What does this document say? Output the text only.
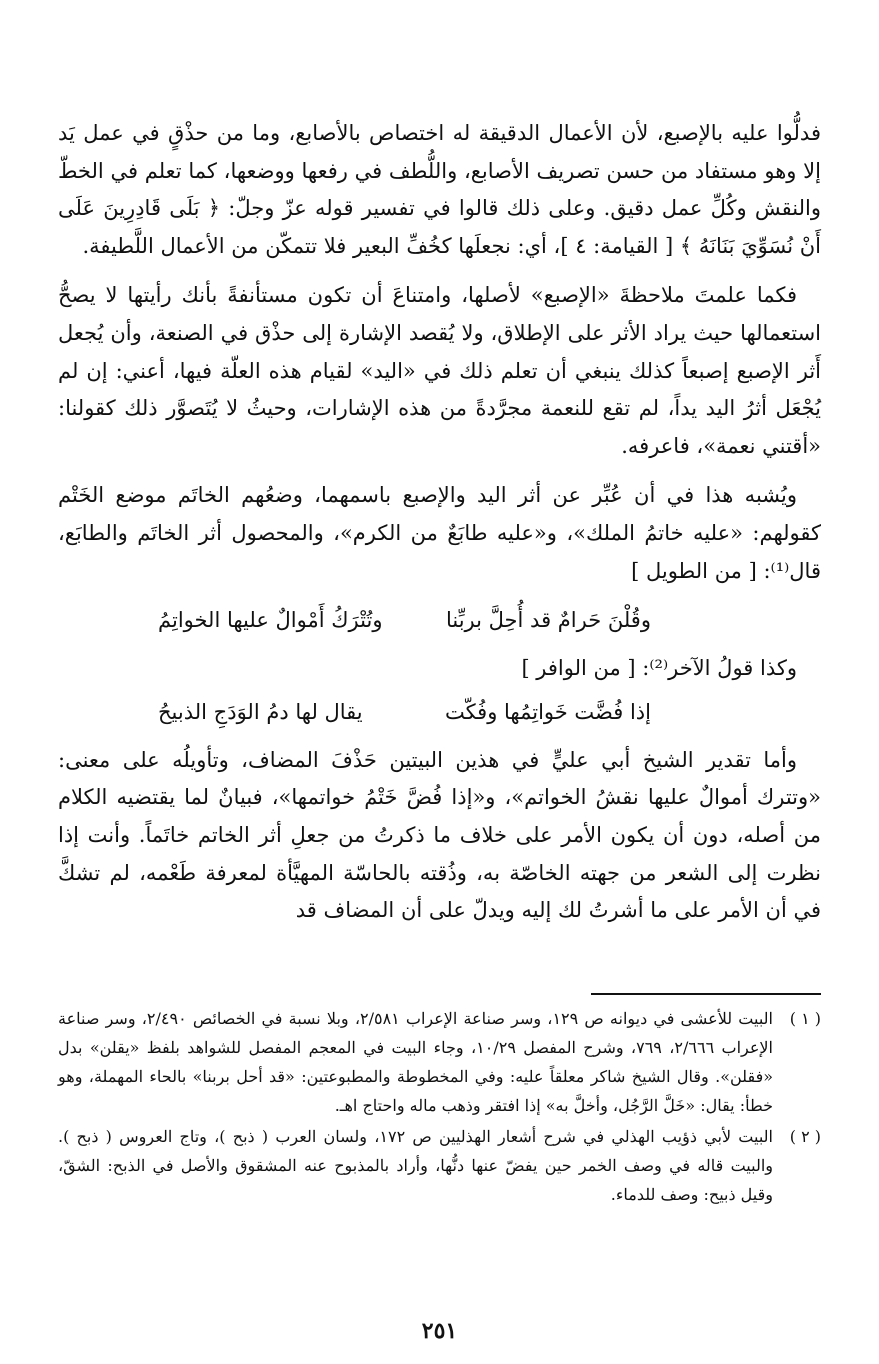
فدلُّوا عليه بالإصبع، لأن الأعمال الدقيقة له اختصاص بالأصابع، وما من حذْقٍ في عمل يَد إلا وهو مستفاد من حسن تصريف الأصابع، واللُّطف في رفعها ووضعها، كما تعلم في الخطّ والنقش وكُلِّ عمل دقيق. وعلى ذلك قالوا في تفسير قوله عزّ وجلّ: ﴿ بَلَى قَادِرِينَ عَلَى أَنْ نُسَوِّيَ بَنَانَهُ ﴾ [ القيامة: ٤ ]، أي: نجعلَها كخُفِّ البعير فلا تتمكّن من الأعمال اللَّطيفة.

فكما علمتَ ملاحظةَ «الإصبع» لأصلها، وامتناعَ أن تكون مستأنفةً بأنك رأيتها لا يصحُّ استعمالها حيث يراد الأثر على الإطلاق، ولا يُقصد الإشارة إلى حذْق في الصنعة، وأن يُجعل أَثر الإصبع إصبعاً كذلك ينبغي أن تعلم ذلك في «اليد» لقيام هذه العلّة فيها، أعني: إن لم يُجْعَل أثرُ اليد يداً، لم تقع للنعمة مجرَّدةً من هذه الإشارات، وحيثُ لا يُتَصوَّر ذلك كقولنا: «أقتني نعمة»، فاعرفه.

ويُشبه هذا في أن عُبِّر عن أثر اليد والإصبع باسمهما، وضعُهم الخاتَم موضع الخَتْم كقولهم: «عليه خاتمُ الملك»، و«عليه طابَعٌ من الكرم»، والمحصول أثر الخاتَم والطابَع، قال⁽¹⁾: [ من الطويل ]

وقُلْنَ حَرامٌ قد أُحِلَّ بربِّنا
وتُتْرَكُ أَمْوالٌ عليها الخواتِمُ

وكذا قولُ الآخر⁽²⁾: [ من الوافر ]

إذا فُضَّت خَواتِمُها وفُكّت
يقال لها دمُ الوَدَجِ الذبيحُ

وأما تقدير الشيخ أبي عليٍّ في هذين البيتين حَذْفَ المضاف، وتأويلُه على معنى: «وتترك أموالٌ عليها نقشُ الخواتم»، و«إذا فُضَّ خَتْمُ خواتمها»، فبيانٌ لما يقتضيه الكلام من أصله، دون أن يكون الأمر على خلاف ما ذكرتُ من جعلِ أثر الخاتم خاتَماً. وأنت إذا نظرت إلى الشعر من جهته الخاصّة به، وذُقته بالحاسّة المهيَّأة لمعرفة طَعْمه، لم تشكَّ في أن الأمر على ما أشرتُ لك إليه ويدلّ على أن المضاف قد

( ١ )
البيت للأعشى في ديوانه ص ١٢٩، وسر صناعة الإعراب ٢/٥٨١، وبلا نسبة في الخصائص ٢/٤٩٠، وسر صناعة الإعراب ٢/٦٦٦، ٧٦٩، وشرح المفصل ١٠/٢٩، وجاء البيت في المعجم المفصل للشواهد بلفظ «يقلن» بدل «فقلن». وقال الشيخ شاكر معلقاً عليه: وفي المخطوطة والمطبوعتين: «قد أحل بربنا» بالحاء المهملة، وهو خطأ: يقال: «خَلَّ الرَّجُل، وأخلَّ به» إذا افتقر وذهب ماله واحتاج اهـ.
( ٢ )
البيت لأبي ذؤيب الهذلي في شرح أشعار الهذليين ص ١٧٢، ولسان العرب ( ذبح )، وتاج العروس ( ذبح ). والبيت قاله في وصف الخمر حين يفضّ عنها دنُّها، وأراد بالمذبوح عنه المشقوق والأصل في الذبح: الشقّ، وقيل ذبيح: وصف للدماء.
٢٥١
